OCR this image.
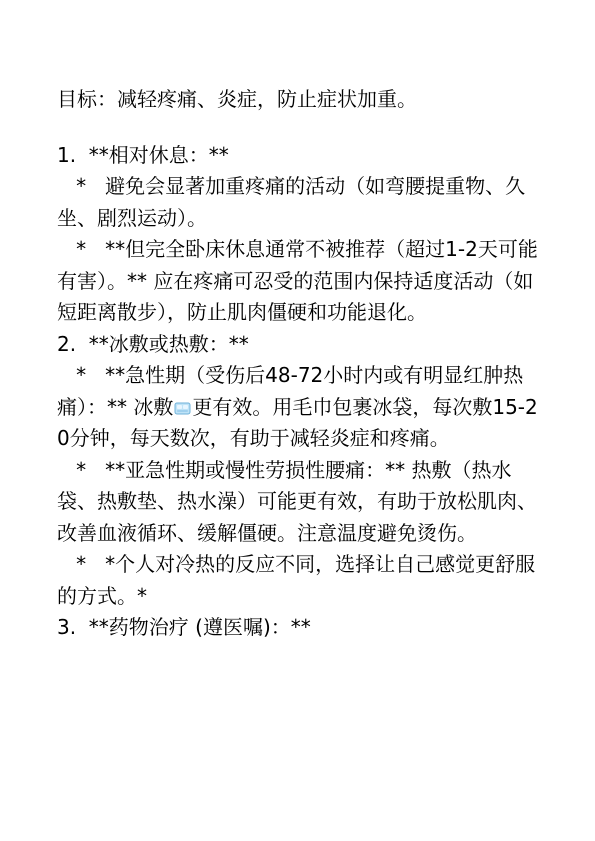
目标：减轻疼痛、炎症，防止症状加重。

1.  **相对休息：**

*   避免会显著加重疼痛的活动（如弯腰提重物、久坐、剧烈运动）。

*   **但完全卧床休息通常不被推荐（超过1-2天可能有害）。** 应在疼痛可忍受的范围内保持适度活动（如短距离散步），防止肌肉僵硬和功能退化。

2.  **冰敷或热敷：**

*   **急性期（受伤后48-72小时内或有明显红肿热痛）：** 冰敷 更有效。用毛巾包裹冰袋，每次敷15-20分钟，每天数次，有助于减轻炎症和疼痛。

*   **亚急性期或慢性劳损性腰痛：** 热敷（热水袋、热敷垫、热水澡）可能更有效，有助于放松肌肉、改善血液循环、缓解僵硬。注意温度避免烫伤。

*   *个人对冷热的反应不同，选择让自己感觉更舒服的方式。*

3.  **药物治疗 (遵医嘱)：**
